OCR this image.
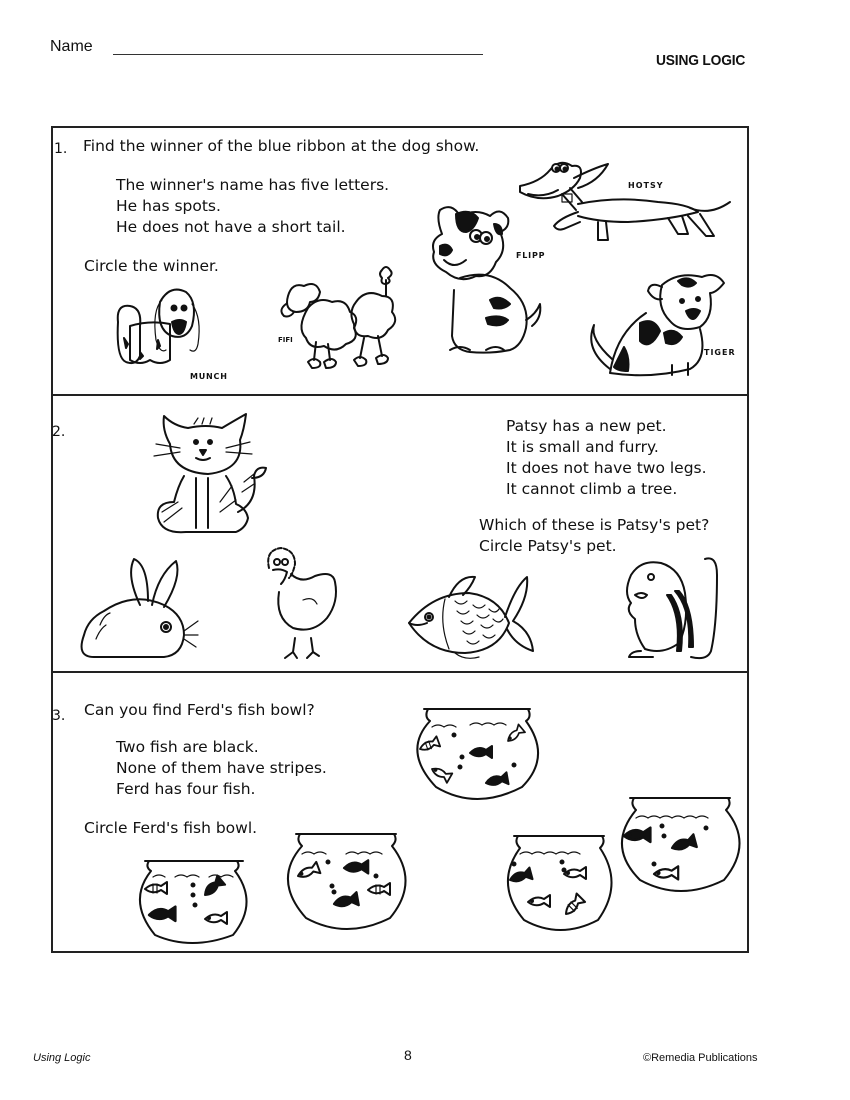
Name
USING LOGIC
1. Find the winner of the blue ribbon at the dog show.
The winner's name has five letters.
He has spots.
He does not have a short tail.
Circle the winner.
MUNCH
FIFI
FLIPP
HOTSY
TIGER
2.	Patsy has a new pet.
It is small and furry.
It does not have two legs.
It cannot climb a tree.
Which of these is Patsy's pet?
Circle Patsy's pet.
3. Can you find Ferd's fish bowl?
Two fish are black.
None of them have stripes.
Ferd has four fish.
Circle Ferd's fish bowl.
Using Logic	8	©Remedia Publications
